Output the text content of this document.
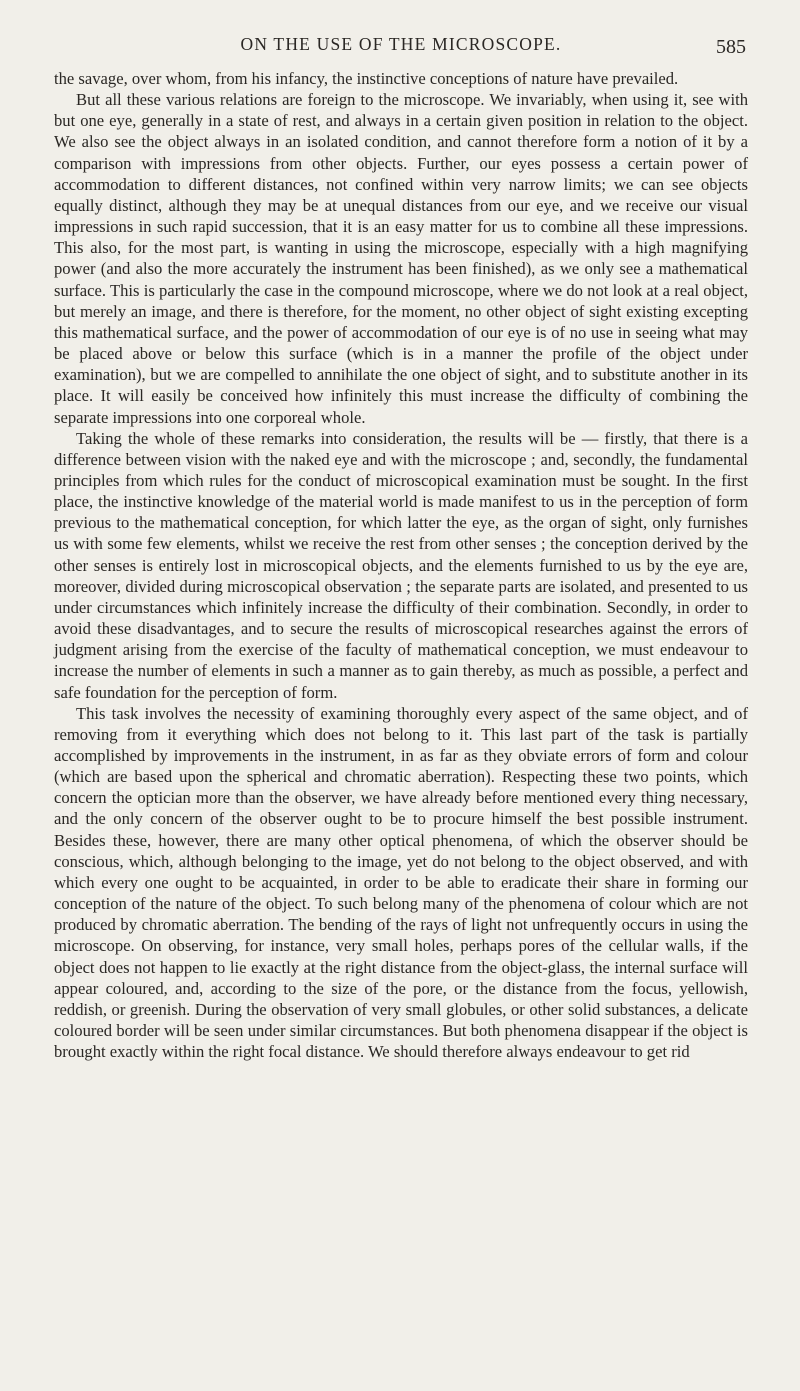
ON THE USE OF THE MICROSCOPE.	585

the savage, over whom, from his infancy, the instinctive conceptions of nature have prevailed.

But all these various relations are foreign to the microscope. We invariably, when using it, see with but one eye, generally in a state of rest, and always in a certain given position in relation to the object. We also see the object always in an isolated condition, and cannot therefore form a notion of it by a comparison with impressions from other objects. Further, our eyes possess a certain power of accommodation to different distances, not confined within very narrow limits; we can see objects equally distinct, although they may be at unequal distances from our eye, and we receive our visual impressions in such rapid succession, that it is an easy matter for us to combine all these impressions. This also, for the most part, is wanting in using the microscope, especially with a high magnifying power (and also the more accurately the instrument has been finished), as we only see a mathematical surface. This is particularly the case in the compound microscope, where we do not look at a real object, but merely an image, and there is therefore, for the moment, no other object of sight existing excepting this mathematical surface, and the power of accommodation of our eye is of no use in seeing what may be placed above or below this surface (which is in a manner the profile of the object under examination), but we are compelled to annihilate the one object of sight, and to substitute another in its place. It will easily be conceived how infinitely this must increase the difficulty of combining the separate impressions into one corporeal whole.

Taking the whole of these remarks into consideration, the results will be — firstly, that there is a difference between vision with the naked eye and with the microscope ; and, secondly, the fundamental principles from which rules for the conduct of microscopical examination must be sought. In the first place, the instinctive knowledge of the material world is made manifest to us in the perception of form previous to the mathematical conception, for which latter the eye, as the organ of sight, only furnishes us with some few elements, whilst we receive the rest from other senses ; the conception derived by the other senses is entirely lost in microscopical objects, and the elements furnished to us by the eye are, moreover, divided during microscopical observation ; the separate parts are isolated, and presented to us under circumstances which infinitely increase the difficulty of their combination. Secondly, in order to avoid these disadvantages, and to secure the results of microscopical researches against the errors of judgment arising from the exercise of the faculty of mathematical conception, we must endeavour to increase the number of elements in such a manner as to gain thereby, as much as possible, a perfect and safe foundation for the perception of form.

This task involves the necessity of examining thoroughly every aspect of the same object, and of removing from it everything which does not belong to it. This last part of the task is partially accomplished by improvements in the instrument, in as far as they obviate errors of form and colour (which are based upon the spherical and chromatic aberration). Respecting these two points, which concern the optician more than the observer, we have already before mentioned every thing necessary, and the only concern of the observer ought to be to procure himself the best possible instrument. Besides these, however, there are many other optical phenomena, of which the observer should be conscious, which, although belonging to the image, yet do not belong to the object observed, and with which every one ought to be acquainted, in order to be able to eradicate their share in forming our conception of the nature of the object. To such belong many of the phenomena of colour which are not produced by chromatic aberration. The bending of the rays of light not unfrequently occurs in using the microscope. On observing, for instance, very small holes, perhaps pores of the cellular walls, if the object does not happen to lie exactly at the right distance from the object-glass, the internal surface will appear coloured, and, according to the size of the pore, or the distance from the focus, yellowish, reddish, or greenish. During the observation of very small globules, or other solid substances, a delicate coloured border will be seen under similar circumstances. But both phenomena disappear if the object is brought exactly within the right focal distance. We should therefore always endeavour to get rid
